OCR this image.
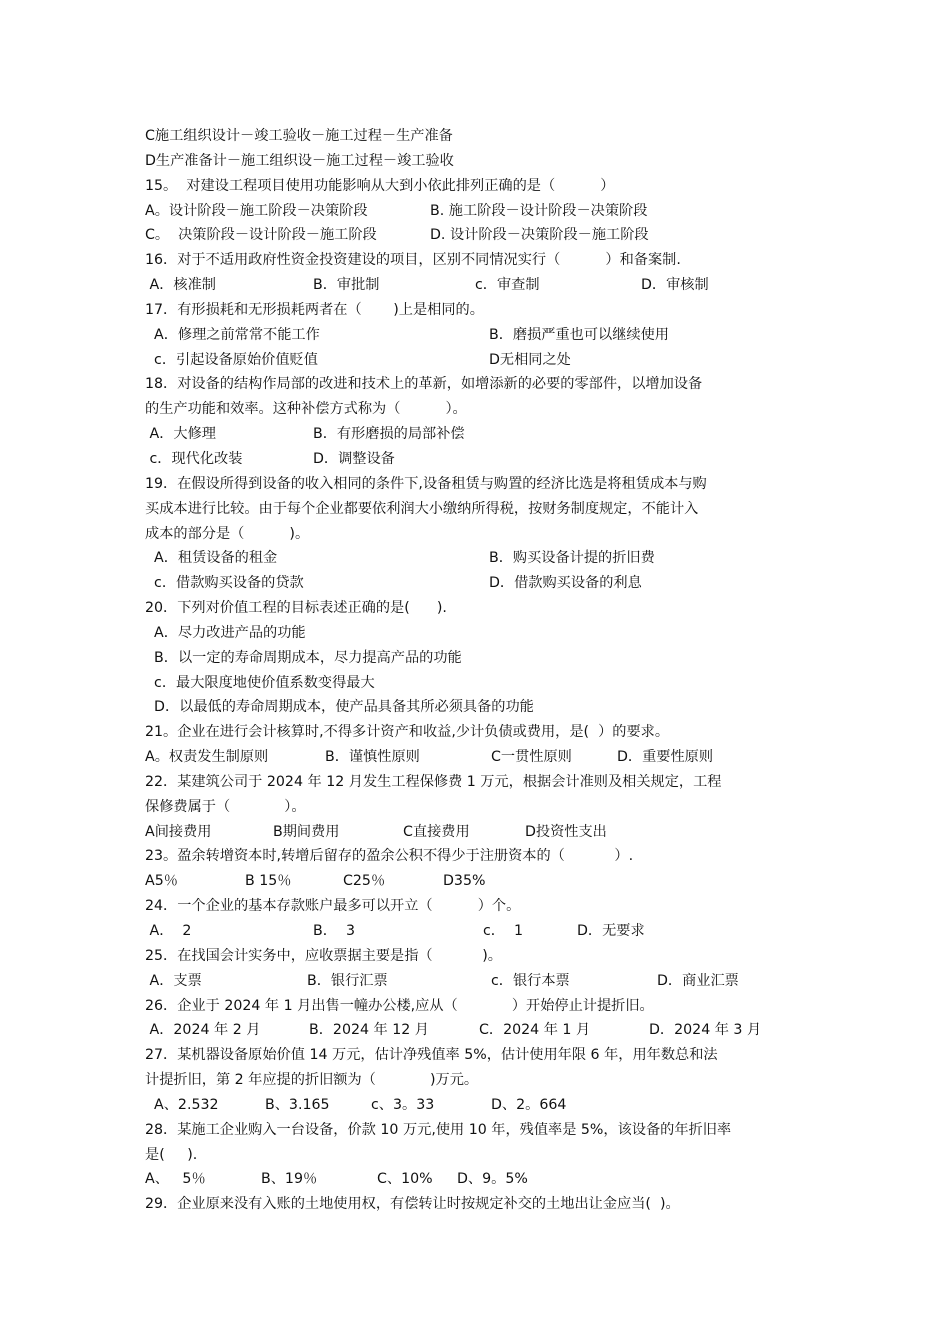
C施工组织设计－竣工验收－施工过程－生产准备
D生产准备计－施工组织设－施工过程－竣工验收
15。  对建设工程项目使用功能影响从大到小依此排列正确的是（          ）
A。设计阶段－施工阶段－决策阶段	B. 施工阶段－设计阶段－决策阶段
C。  决策阶段－设计阶段－施工阶段	D. 设计阶段－决策阶段－施工阶段
16．对于不适用政府性资金投资建设的项目，区别不同情况实行（          ）和备案制.
A．核准制	B．审批制	c．审查制	D．审核制
17．有形损耗和无形损耗两者在（       )上是相同的。
A．修理之前常常不能工作	B．磨损严重也可以继续使用
c．引起设备原始价值贬值	D无相同之处
18．对设备的结构作局部的改进和技术上的革新，如增添新的必要的零部件，以增加设备
的生产功能和效率。这种补偿方式称为（          ）。
A．大修理	B．有形磨损的局部补偿
c．现代化改装	D．调整设备
19．在假设所得到设备的收入相同的条件下,设备租赁与购置的经济比选是将租赁成本与购
买成本进行比较。由于每个企业都要依利润大小缴纳所得税，按财务制度规定，不能计入
成本的部分是（          )。
A．租赁设备的租金	B．购买设备计提的折旧费
c．借款购买设备的贷款	D．借款购买设备的利息
20．下列对价值工程的目标表述正确的是(      ).
A．尽力改进产品的功能
B．以一定的寿命周期成本，尽力提高产品的功能
c．最大限度地使价值系数变得最大
D．以最低的寿命周期成本，使产品具备其所必须具备的功能
21。企业在进行会计核算时,不得多计资产和收益,少计负债或费用，是(  ）的要求。
A。权责发生制原则	B．谨慎性原则	C一贯性原则	D．重要性原则
22．某建筑公司于 2024 年 12 月发生工程保修费 1 万元，根据会计准则及相关规定，工程
保修费属于（            ）。
A间接费用	B期间费用	C直接费用	D投资性支出
23。盈余转增资本时,转增后留存的盈余公积不得少于注册资本的（           ）.
A5％	B 15％	C25％	D35%
24．一个企业的基本存款账户最多可以开立（          ）个。
A．  2	B．  3	c．  1	D．无要求
25．在找国会计实务中，应收票据主要是指（           )。
A．支票	B．银行汇票	c．银行本票	D．商业汇票
26．企业于 2024 年 1 月出售一幢办公楼,应从（            ）开始停止计提折旧。
A．2024 年 2 月	B．2024 年 12 月	C．2024 年 1 月	D．2024 年 3 月
27．某机器设备原始价值 14 万元，估计净残值率 5%，估计使用年限 6 年，用年数总和法
计提折旧，第 2 年应提的折旧额为（            )万元。
A、2.532	B、3.165	c、3。33	D、2。664
28．某施工企业购入一台设备，价款 10 万元,使用 10 年，残值率是 5%，该设备的年折旧率
是(     ).
A、   5％	B、19％	C、10% D、9。5%
29．企业原来没有入账的土地使用权，有偿转让时按规定补交的土地出让金应当(  )。
